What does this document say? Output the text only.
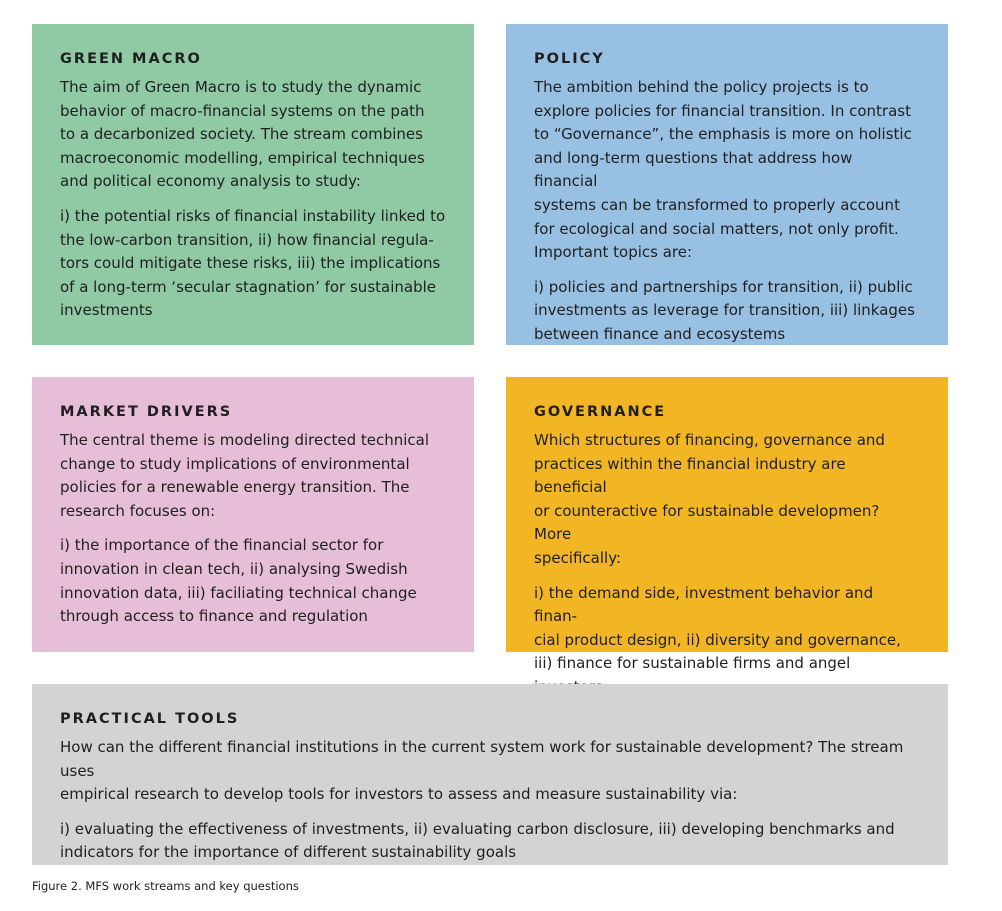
GREEN MACRO

The aim of Green Macro is to study the dynamic
behavior of macro-financial systems on the path
to a decarbonized society. The stream combines
macroeconomic modelling, empirical techniques
and political economy analysis to study:

i) the potential risks of financial instability linked to
the low-carbon transition, ii) how financial regula-
tors could mitigate these risks, iii) the implications
of a long-term ‘secular stagnation’ for sustainable
investments

POLICY

The ambition behind the policy projects is to
explore policies for financial transition. In contrast
to “Governance”, the emphasis is more on holistic
and long-term questions that address how financial
systems can be transformed to properly account
for ecological and social matters, not only profit.
Important topics are:

i) policies and partnerships for transition, ii) public
investments as leverage for transition, iii) linkages
between finance and ecosystems

MARKET DRIVERS

The central theme is modeling directed technical
change to study implications of environmental
policies for a renewable energy transition. The
research focuses on:

i) the importance of the financial sector for
innovation in clean tech, ii) analysing Swedish
innovation data, iii) faciliating technical change
through access to finance and regulation

GOVERNANCE

Which structures of financing, governance and
practices within the financial industry are beneficial
or counteractive for sustainable developmen? More
specifically:

i) the demand side, investment behavior and finan-
cial product design, ii) diversity and governance,
iii) finance for sustainable firms and angel

PRACTICAL TOOLS

How can the different financial institutions in the current system work for sustainable development? The stream uses
empirical research to develop tools for investors to assess and measure sustainability via:

i) evaluating the effectiveness of investments, ii) evaluating carbon disclosure, iii) developing benchmarks and
indicators for the importance of different sustainability goals

Figure 2. MFS work streams and key questions
